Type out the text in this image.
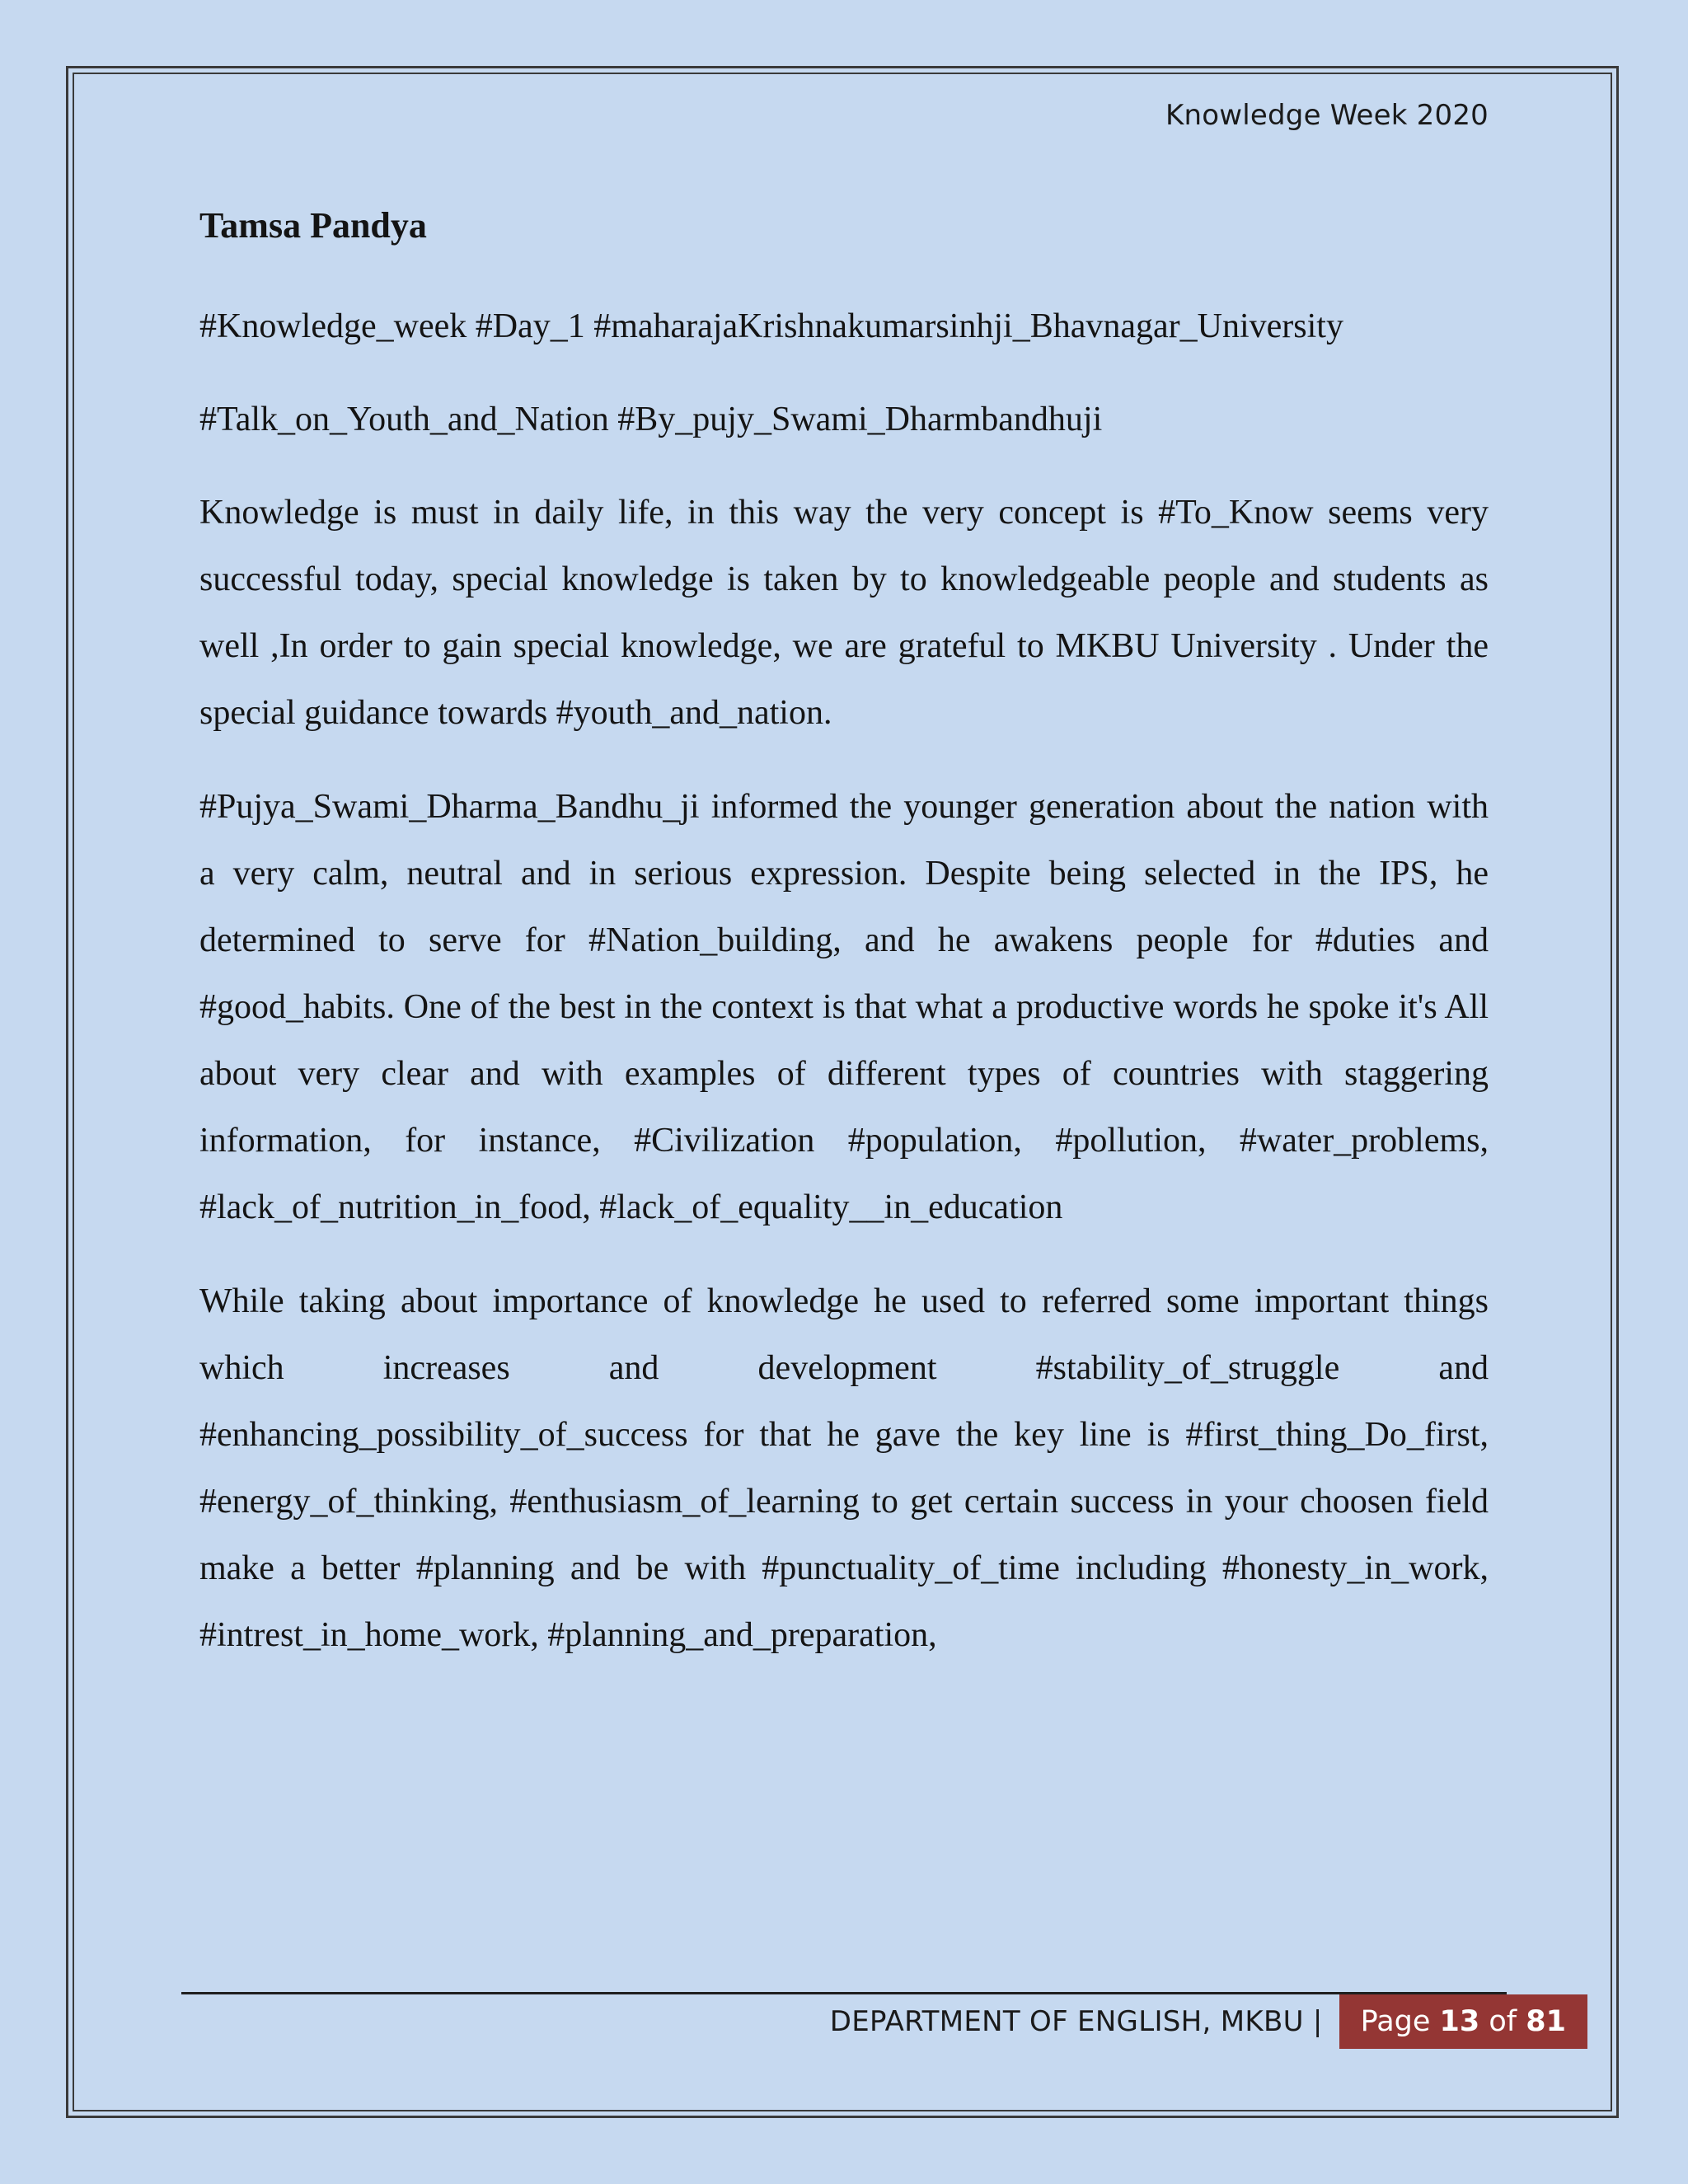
Knowledge Week 2020
Tamsa Pandya

#Knowledge_week #Day_1 #maharajaKrishnakumarsinhji_Bhavnagar_University

#Talk_on_Youth_and_Nation #By_pujy_Swami_Dharmbandhuji

Knowledge is must in daily life, in this way the very concept is #To_Know seems very successful today, special knowledge is taken by to knowledgeable people and students as well ,In order to gain special knowledge, we are grateful to MKBU University . Under the special guidance towards #youth_and_nation.

#Pujya_Swami_Dharma_Bandhu_ji informed the younger generation about the nation with a very calm, neutral and in serious expression. Despite being selected in the IPS, he determined to serve for #Nation_building, and he awakens people for #duties and #good_habits. One of the best in the context is that what a productive words he spoke it's All about very clear and with examples of different types of countries with staggering information, for instance, #Civilization #population, #pollution, #water_problems, #lack_of_nutrition_in_food, #lack_of_equality__in_education

While taking about importance of knowledge he used to referred some important things which increases and development #stability_of_struggle and #enhancing_possibility_of_success for that he gave the key line is #first_thing_Do_first, #energy_of_thinking, #enthusiasm_of_learning to get certain success in your choosen field make a better #planning and be with #punctuality_of_time including #honesty_in_work, #intrest_in_home_work, #planning_and_preparation,

DEPARTMENT OF ENGLISH, MKBU |	Page 13 of 81
